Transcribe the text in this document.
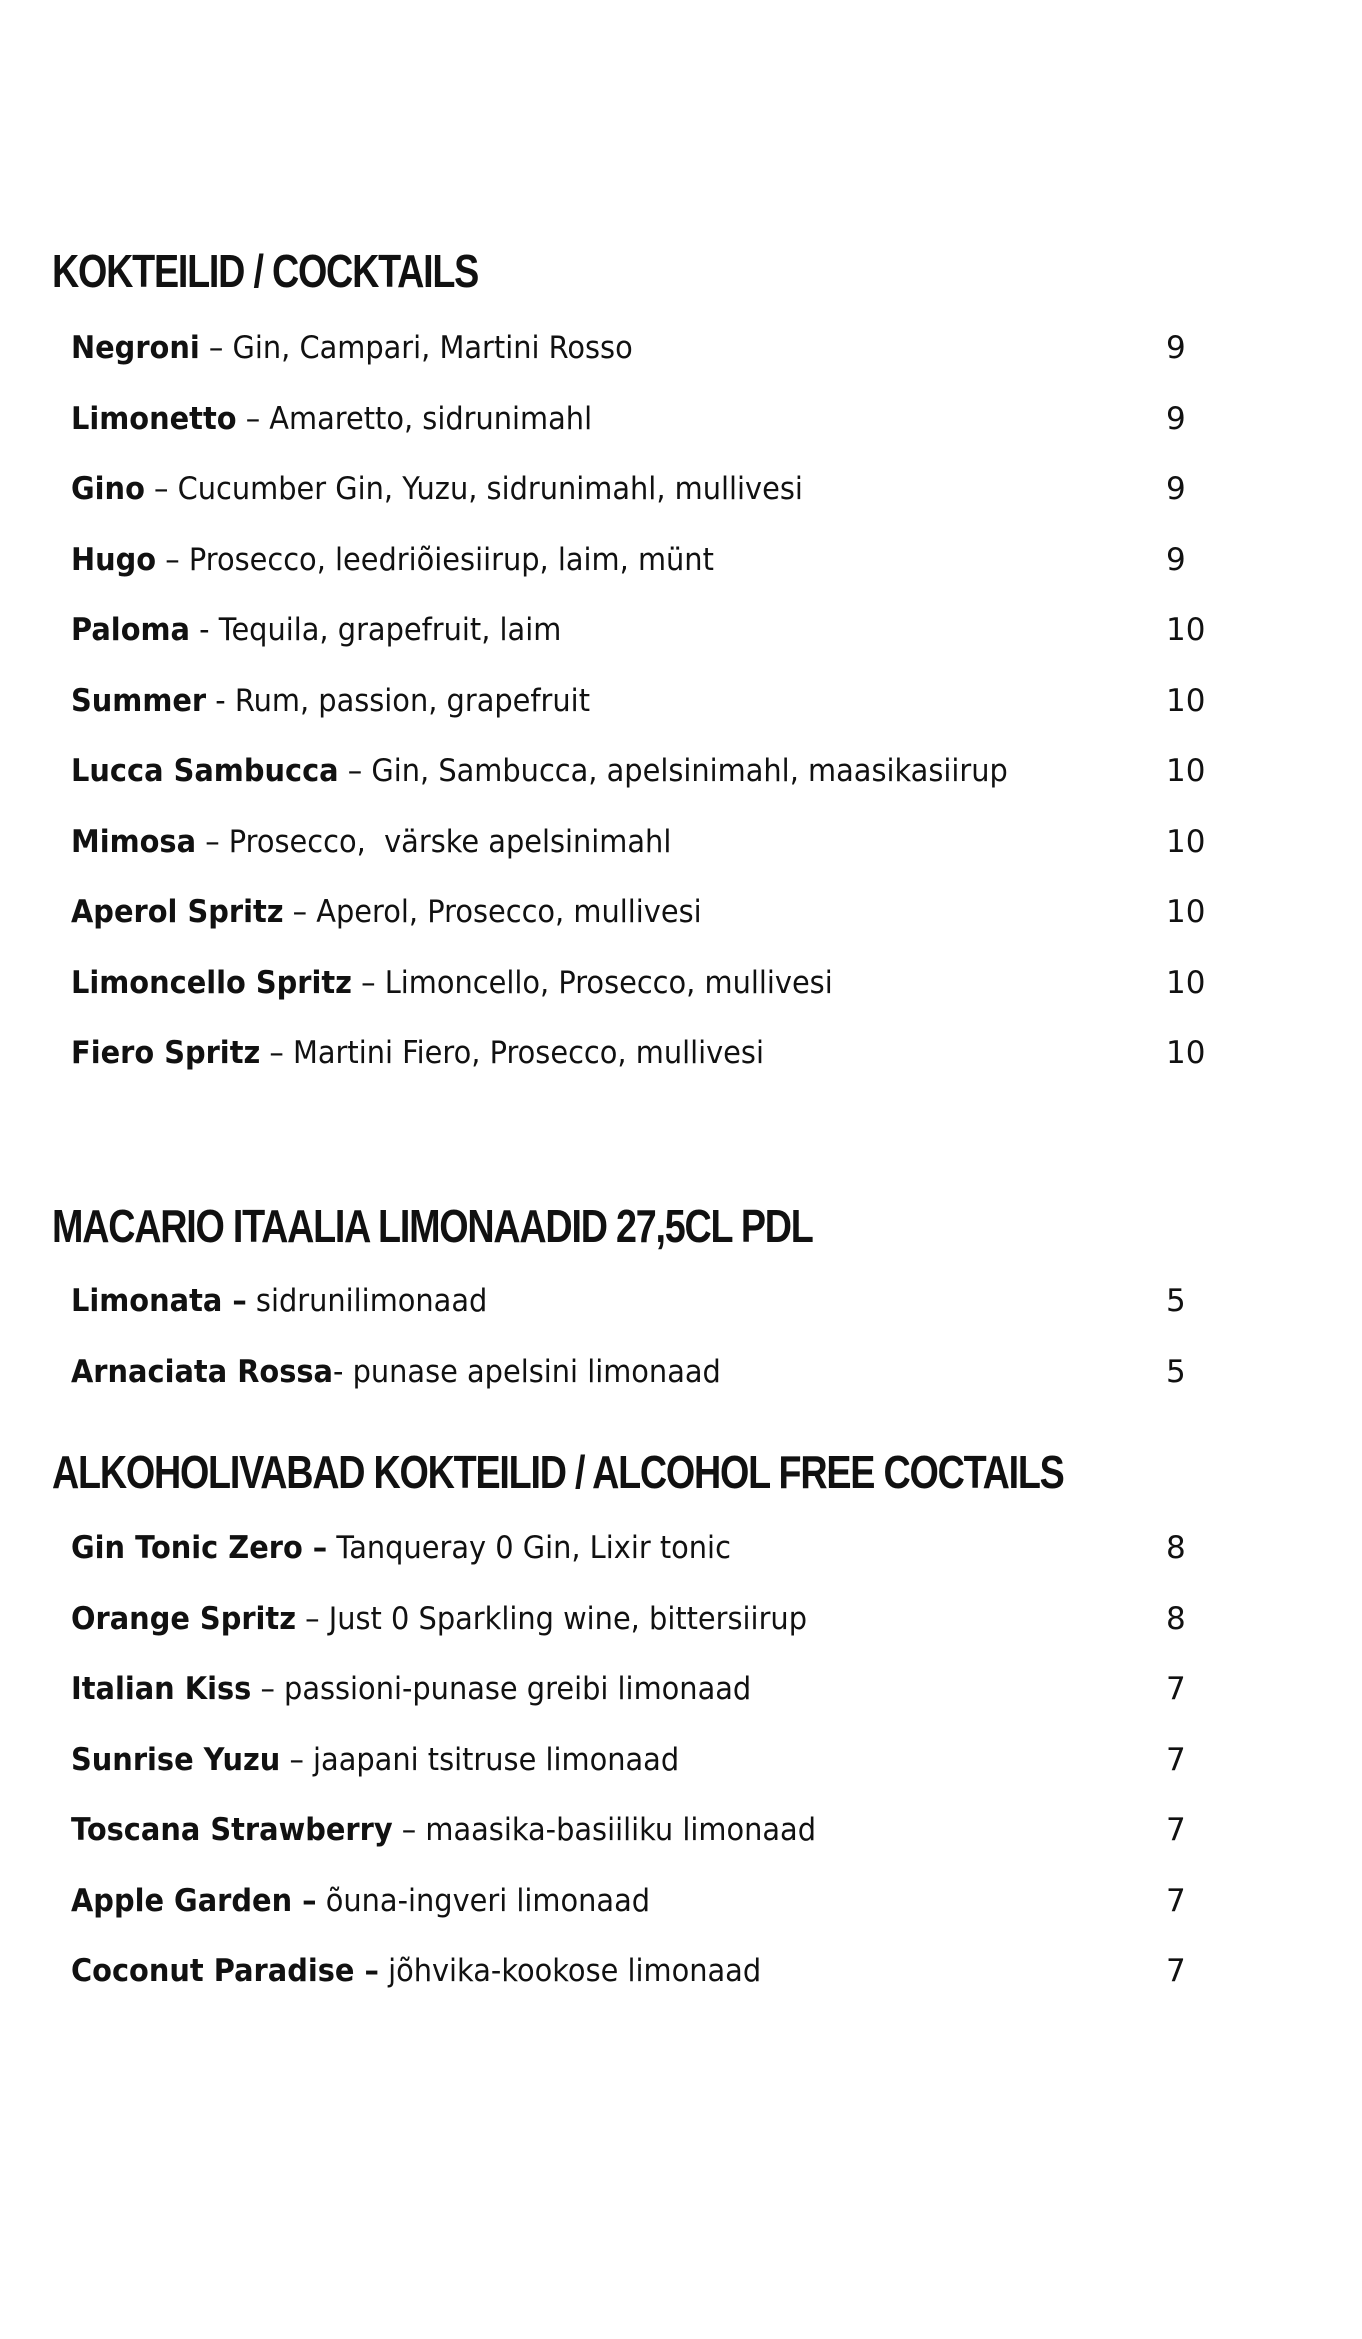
KOKTEILID / COCKTAILS
Negroni – Gin, Campari, Martini Rosso	9
Limonetto – Amaretto, sidrunimahl	9
Gino – Cucumber Gin, Yuzu, sidrunimahl, mullivesi	9
Hugo – Prosecco, leedriõiesiirup, laim, münt	9
Paloma - Tequila, grapefruit, laim	10
Summer - Rum, passion, grapefruit	10
Lucca Sambucca – Gin, Sambucca, apelsinimahl, maasikasiirup	10
Mimosa – Prosecco,  värske apelsinimahl	10
Aperol Spritz – Aperol, Prosecco, mullivesi	10
Limoncello Spritz – Limoncello, Prosecco, mullivesi	10
Fiero Spritz – Martini Fiero, Prosecco, mullivesi	10
MACARIO ITAALIA LIMONAADID 27,5CL PDL
Limonata – sidrunilimonaad	5
Arnaciata Rossa- punase apelsini limonaad	5
ALKOHOLIVABAD KOKTEILID / ALCOHOL FREE COCTAILS
Gin Tonic Zero – Tanqueray 0 Gin, Lixir tonic	8
Orange Spritz – Just 0 Sparkling wine, bittersiirup	8
Italian Kiss – passioni-punase greibi limonaad	7
Sunrise Yuzu – jaapani tsitruse limonaad	7
Toscana Strawberry – maasika-basiiliku limonaad	7
Apple Garden – õuna-ingveri limonaad	7
Coconut Paradise – jõhvika-kookose limonaad	7
